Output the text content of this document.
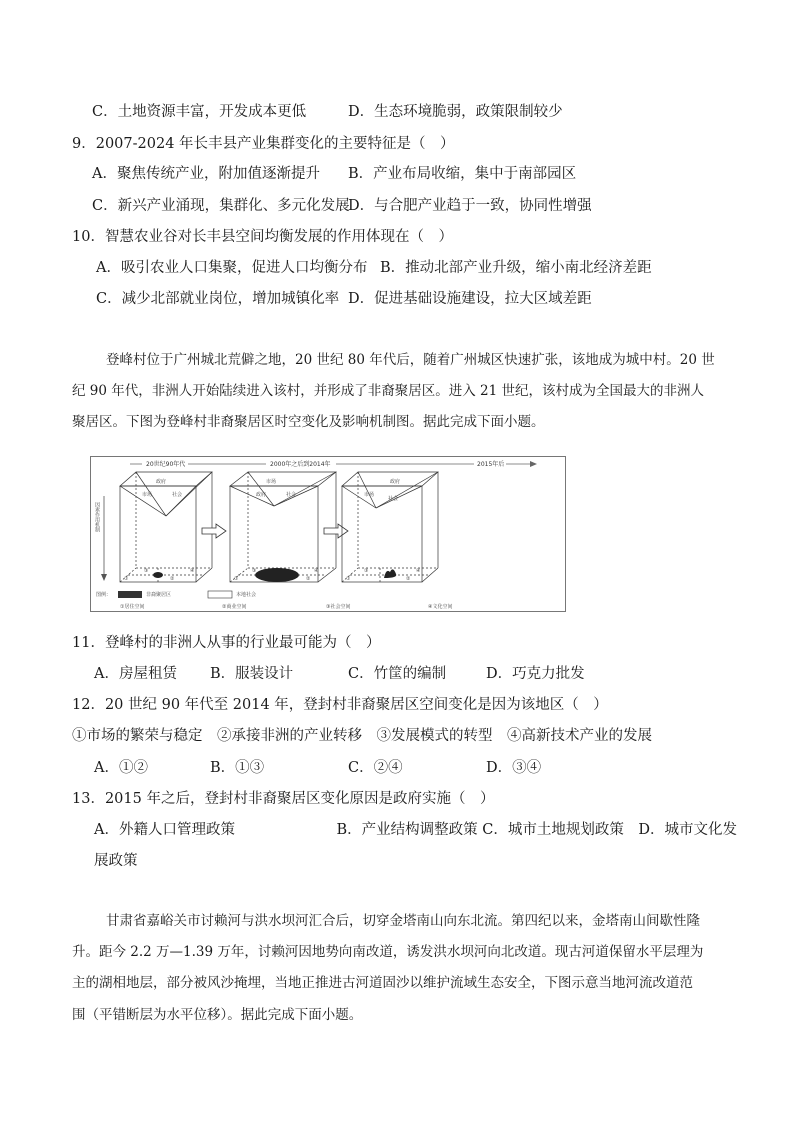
C．土地资源丰富，开发成本更低	D．生态环境脆弱，政策限制较少
9．2007-2024 年长丰县产业集群变化的主要特征是（　）
A．聚焦传统产业，附加值逐渐提升 B．产业布局收缩，集中于南部园区
C．新兴产业涌现，集群化、多元化发展
D．与合肥产业趋于一致，协同性增强
10．智慧农业谷对长丰县空间均衡发展的作用体现在（　）
A．吸引农业人口集聚，促进人口均衡分布 B．推动北部产业升级，缩小南北经济差距
C．减少北部就业岗位，增加城镇化率 D．促进基础设施建设，拉大区域差距
登峰村位于广州城北荒僻之地，20 世纪 80 年代后，随着广州城区快速扩张，该地成为城中村。20 世
纪 90 年代，非洲人开始陆续进入该村，并形成了非裔聚居区。进入 21 世纪，该村成为全国最大的非洲人
聚居区。下图为登峰村非裔聚居区时空变化及影响机制图。据此完成下面小题。
20世纪90年代	2000年之后到2014年	2015年后
因素作用机制
政府
市场	社会
①	②
③	④
市场
政府	社会
①	②
③	④
政府
市场
社会
①	②
③	④
图例：	非裔聚居区	本地社会
①居住空间	②商业空间	③社会空间	④文化空间
11．登峰村的非洲人从事的行业最可能为（　）
A．房屋租赁 B．服装设计	C．竹筐的编制	D．巧克力批发
12．20 世纪 90 年代至 2014 年，登封村非裔聚居区空间变化是因为该地区（　）
①市场的繁荣与稳定　②承接非洲的产业转移　③发展模式的转型　④高新技术产业的发展
A．①②	B．①③	C．②④	D．③④
13．2015 年之后，登封村非裔聚居区变化原因是政府实施（　）
A．外籍人口管理政策　　　　　　　B．产业结构调整政策 C．城市土地规划政策　D．城市文化发
展政策
甘肃省嘉峪关市讨赖河与洪水坝河汇合后，切穿金塔南山向东北流。第四纪以来，金塔南山间歇性隆
升。距今 2.2 万—1.39 万年，讨赖河因地势向南改道，诱发洪水坝河向北改道。现古河道保留水平层理为
主的湖相地层，部分被风沙掩埋，当地正推进古河道固沙以维护流域生态安全，下图示意当地河流改道范
围（平错断层为水平位移）。据此完成下面小题。
